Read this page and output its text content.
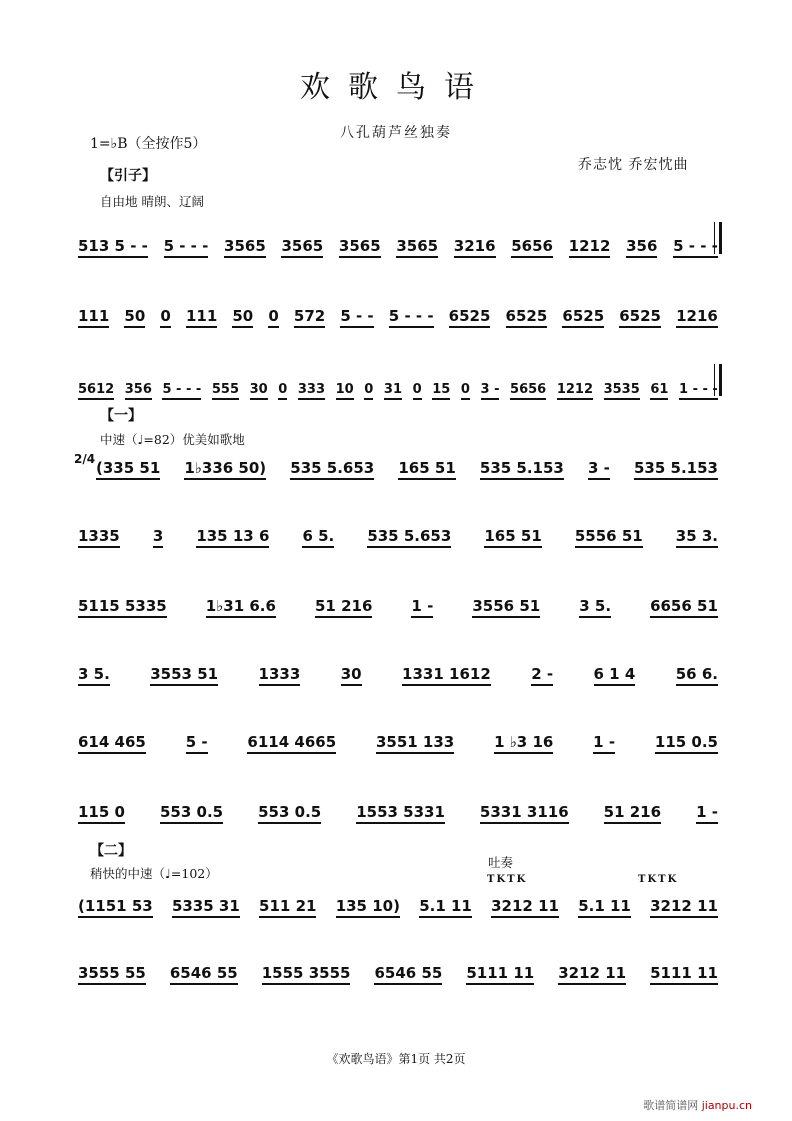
欢歌鸟语
八孔葫芦丝独奏
1=♭B（全按作5）
乔志忱 乔宏忱曲
【引子】
自由地 晴朗、辽阔
513 5 - - 5 - - - 3565 3565 3565 3565 3216 5656 1212 356 5 - - -
111 50 0 111 50 0 572 5 - - 5 - - - 6525 6525 6525 6525 1216
5612 356 5 - - - 555 30 0 333 10 0 31 0 15 0 3 - 5656 1212 3535 61 1 - - -
【一】
中速（♩=82）优美如歌地
2/4 (335 51 1♭336 50) 535 5.653 165 51 535 5.153 3 - 535 5.153
1335 3 135 13 6 6 5. 535 5.653 165 51 5556 51 35 3.
5115 5335	1♭31 6.6	51 216	1 -	3556 51	3 5.	6656 51
3 5.	3553 51	1333	30	1331 1612	2 -	6 1 4	56 6.
614 465	5 -	6114 4665	3551 133	1 ♭3 16	1 -	115 0.5
115 0 553 0.5 553 0.5 1553 5331 5331 3116 51 216 1 -
【二】
稍快的中速（♩=102）
吐奏
TKTK	TKTK
(1151 53 5335 31 511 21 135 10) 5.1 11 3212 11 5.1 11 3212 11
3555 55 6546 55 1555 3555 6546 55 5111 11 3212 11 5111 11
《欢歌鸟语》第1页 共2页
歌谱简谱网 jianpu.cn
